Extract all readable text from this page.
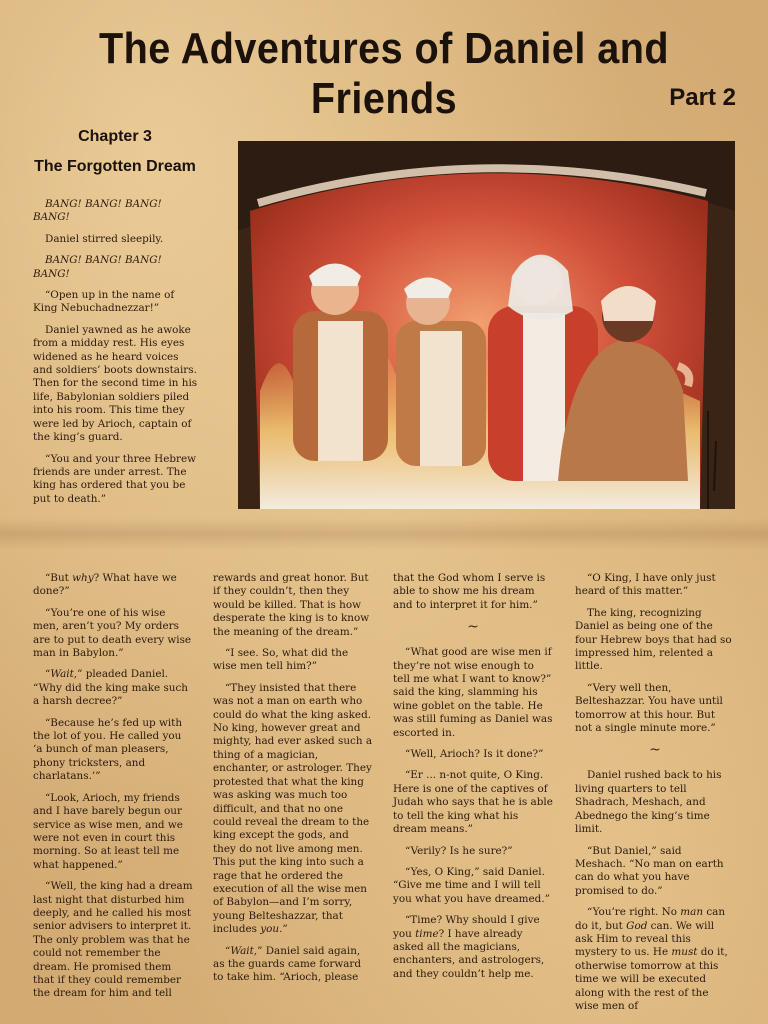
The Adventures of Daniel and Friends	Part 2
Chapter 3
The Forgotten Dream

BANG! BANG! BANG! BANG!

Daniel stirred sleepily.

BANG! BANG! BANG! BANG!

“Open up in the name of King Nebuchadnezzar!”

Daniel yawned as he awoke from a midday rest. His eyes widened as he heard voices and soldiers’ boots downstairs. Then for the second time in his life, Babylonian soldiers piled into his room. This time they were led by Arioch, captain of the king’s guard.

“You and your three Hebrew friends are under arrest. The king has ordered that you be put to death.”

“But why? What have we done?”

“You’re one of his wise men, aren’t you? My orders are to put to death every wise man in Babylon.”

“Wait,” pleaded Daniel. “Why did the king make such a harsh decree?”

“Because he’s fed up with the lot of you. He called you ‘a bunch of man pleasers, phony tricksters, and charlatans.’”

“Look, Arioch, my friends and I have barely begun our service as wise men, and we were not even in court this morning. So at least tell me what happened.”

“Well, the king had a dream last night that disturbed him deeply, and he called his most senior advisers to interpret it. The only problem was that he could not remember the dream. He promised them that if they could remember the dream for him and tell

rewards and great honor. But if they couldn’t, then they would be killed. That is how desperate the king is to know the meaning of the dream.”

“I see. So, what did the wise men tell him?”

“They insisted that there was not a man on earth who could do what the king asked. No king, however great and mighty, had ever asked such a thing of a magician, enchanter, or astrologer. They protested that what the king was asking was much too difficult, and that no one could reveal the dream to the king except the gods, and they do not live among men. This put the king into such a rage that he ordered the execution of all the wise men of Babylon—and I’m sorry, young Belteshazzar, that includes you.”

“Wait,” Daniel said again, as the guards came forward to take him. “Arioch, please

that the God whom I serve is able to show me his dream and to interpret it for him.”

~

“What good are wise men if they’re not wise enough to tell me what I want to know?” said the king, slamming his wine goblet on the table. He was still fuming as Daniel was escorted in.

“Well, Arioch? Is it done?”

“Er ... n-not quite, O King. Here is one of the captives of Judah who says that he is able to tell the king what his dream means.”

“Verily? Is he sure?”

“Yes, O King,” said Daniel. “Give me time and I will tell you what you have dreamed.”

“Time? Why should I give you time? I have already asked all the magicians, enchanters, and astrologers, and they couldn’t help me.

“O King, I have only just heard of this matter.”

The king, recognizing Daniel as being one of the four Hebrew boys that had so impressed him, relented a little.

“Very well then, Belteshazzar. You have until tomorrow at this hour. But not a single minute more.”

~

Daniel rushed back to his living quarters to tell Shadrach, Meshach, and Abednego the king’s time limit.

“But Daniel,” said Meshach. “No man on earth can do what you have promised to do.”

“You’re right. No man can do it, but God can. We will ask Him to reveal this mystery to us. He must do it, otherwise tomorrow at this time we will be executed along with the rest of the wise men of
